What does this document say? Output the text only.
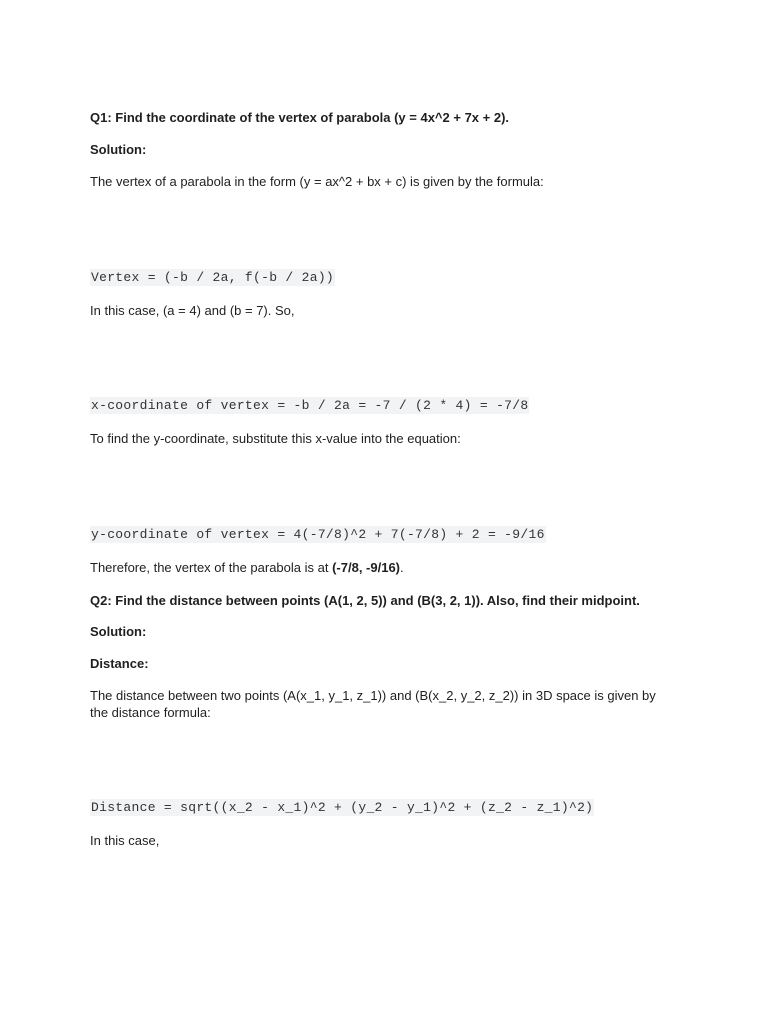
Q1: Find the coordinate of the vertex of parabola (y = 4x^2 + 7x + 2).
Solution:
The vertex of a parabola in the form (y = ax^2 + bx + c) is given by the formula:
Vertex = (-b / 2a, f(-b / 2a))
In this case, (a = 4) and (b = 7). So,
x-coordinate of vertex = -b / 2a = -7 / (2 * 4) = -7/8
To find the y-coordinate, substitute this x-value into the equation:
y-coordinate of vertex = 4(-7/8)^2 + 7(-7/8) + 2 = -9/16
Therefore, the vertex of the parabola is at (-7/8, -9/16).
Q2: Find the distance between points (A(1, 2, 5)) and (B(3, 2, 1)). Also, find their midpoint.
Solution:
Distance:
The distance between two points (A(x_1, y_1, z_1)) and (B(x_2, y_2, z_2)) in 3D space is given by the distance formula:
Distance = sqrt((x_2 - x_1)^2 + (y_2 - y_1)^2 + (z_2 - z_1)^2)
In this case,
